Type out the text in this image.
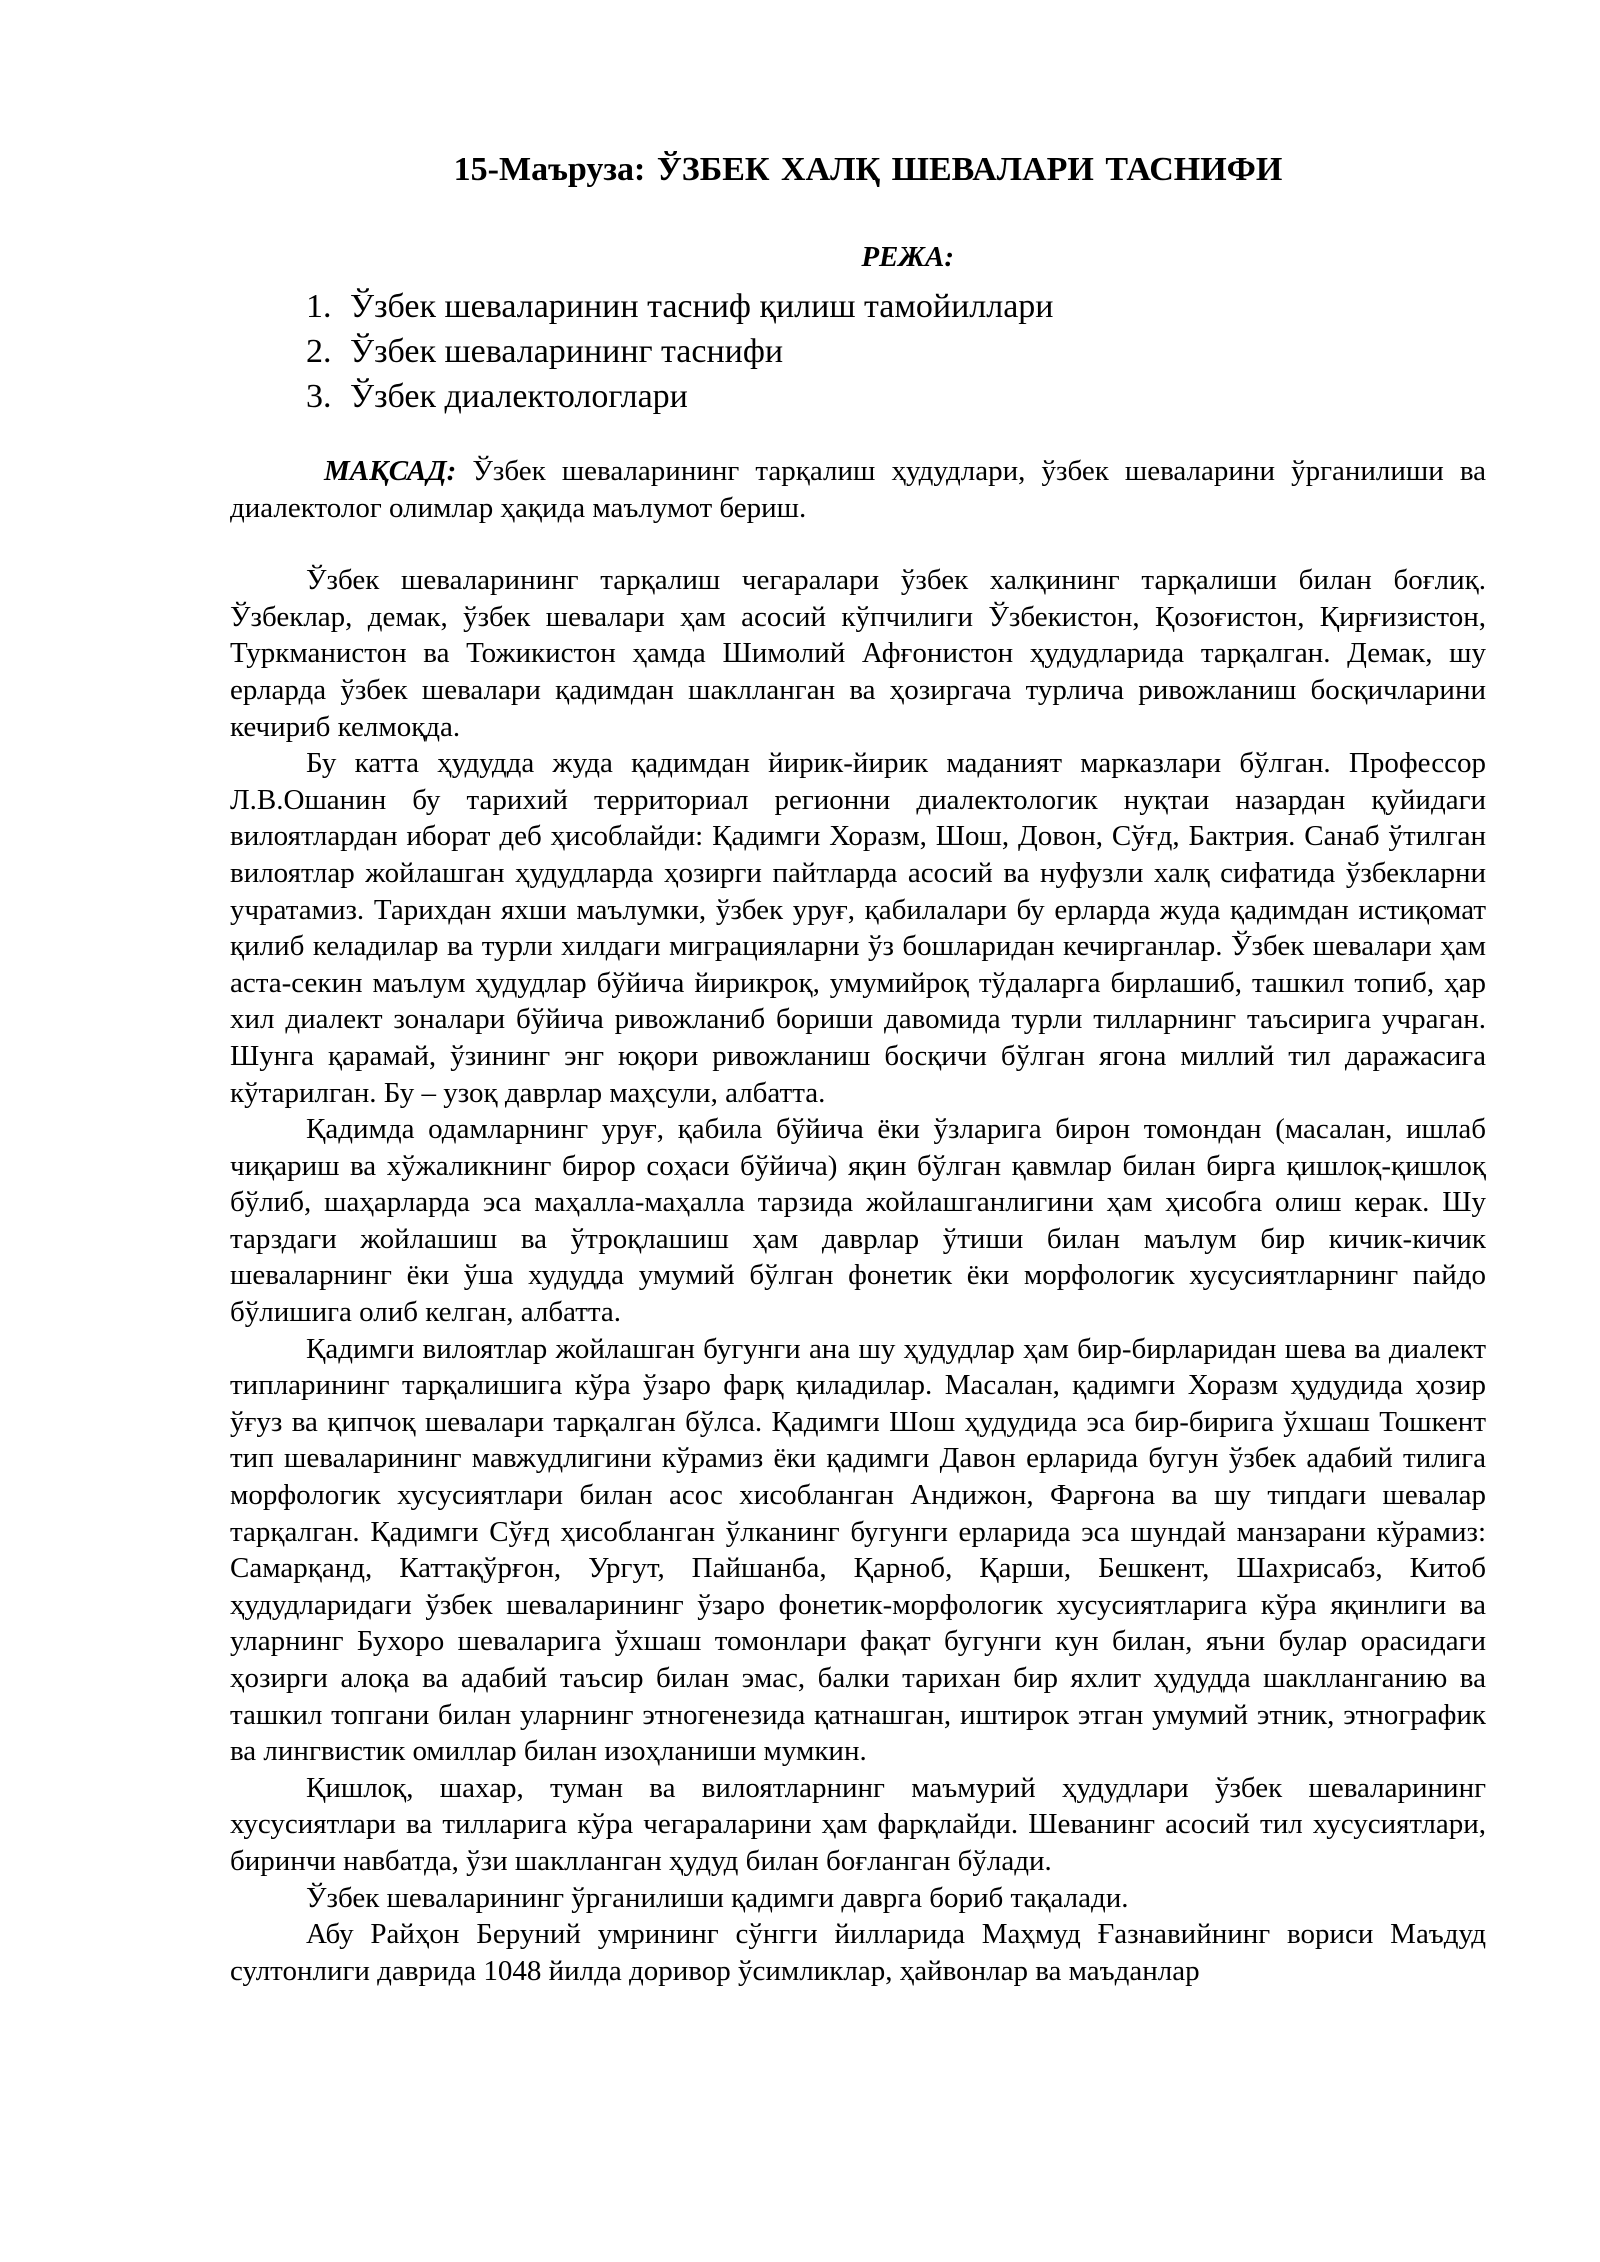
15-Маъруза: ЎЗБЕК ХАЛҚ ШЕВАЛАРИ ТАСНИФИ
РЕЖА:
1. Ўзбек шеваларинин тасниф қилиш тамойиллари
2. Ўзбек шеваларининг таснифи
3. Ўзбек диалектологлари

МАҚСАД: Ўзбек шеваларининг тарқалиш ҳудудлари, ўзбек шеваларини ўрганилиши ва диалектолог олимлар ҳақида маълумот бериш.

Ўзбек шеваларининг тарқалиш чегаралари ўзбек халқининг тарқалиши билан боғлиқ. Ўзбеклар, демак, ўзбек шевалари ҳам асосий кўпчилиги Ўзбекистон, Қозоғистон, Қирғизистон, Туркманистон ва Тожикистон ҳамда Шимолий Афғонистон ҳудудларида тарқалган. Демак, шу ерларда ўзбек шевалари қадимдан шаклланган ва ҳозиргача турлича ривожланиш босқичларини кечириб келмоқда.

Бу катта ҳудудда жуда қадимдан йирик-йирик маданият марказлари бўлган. Профессор Л.В.Ошанин бу тарихий территориал регионни диалектологик нуқтаи назардан қуйидаги вилоятлардан иборат деб ҳисоблайди: Қадимги Хоразм, Шош, Довон, Сўғд, Бактрия. Санаб ўтилган вилоятлар жойлашган ҳудудларда ҳозирги пайтларда асосий ва нуфузли халқ сифатида ўзбекларни учратамиз. Тарихдан яхши маълумки, ўзбек уруғ, қабилалари бу ерларда жуда қадимдан истиқомат қилиб келадилар ва турли хилдаги миграцияларни ўз бошларидан кечирганлар. Ўзбек шевалари ҳам аста-секин маълум ҳудудлар бўйича йирикроқ, умумийроқ тўдаларга бирлашиб, ташкил топиб, ҳар хил диалект зоналари бўйича ривожланиб бориши давомида турли тилларнинг таъсирига учраган. Шунга қарамай, ўзининг энг юқори ривожланиш босқичи бўлган ягона миллий тил даражасига кўтарилган. Бу – узоқ даврлар маҳсули, албатта.

Қадимда одамларнинг уруғ, қабила бўйича ёки ўзларига бирон томондан (масалан, ишлаб чиқариш ва хўжаликнинг бирор соҳаси бўйича) яқин бўлган қавмлар билан бирга қишлоқ-қишлоқ бўлиб, шаҳарларда эса маҳалла-маҳалла тарзида жойлашганлигини ҳам ҳисобга олиш керак. Шу тарздаги жойлашиш ва ўтроқлашиш ҳам даврлар ўтиши билан маълум бир кичик-кичик шеваларнинг ёки ўша худудда умумий бўлган фонетик ёки морфологик хусусиятларнинг пайдо бўлишига олиб келган, албатта.

Қадимги вилоятлар жойлашган бугунги ана шу ҳудудлар ҳам бир-бирларидан шева ва диалект типларининг тарқалишига кўра ўзаро фарқ қиладилар. Масалан, қадимги Хоразм ҳудудида ҳозир ўғуз ва қипчоқ шевалари тарқалган бўлса. Қадимги Шош ҳудудида эса бир-бирига ўхшаш Тошкент тип шеваларининг мавжудлигини кўрамиз ёки қадимги Давон ерларида бугун ўзбек адабий тилига морфологик хусусиятлари билан асос хисобланган Андижон, Фарғона ва шу типдаги шевалар тарқалган. Қадимги Сўғд ҳисобланган ўлканинг бугунги ерларида эса шундай манзарани кўрамиз: Самарқанд, Каттақўрғон, Ургут, Пайшанба, Қарноб, Қарши, Бешкент, Шахрисабз, Китоб ҳудудларидаги ўзбек шеваларининг ўзаро фонетик-морфологик хусусиятларига кўра яқинлиги ва уларнинг Бухоро шеваларига ўхшаш томонлари фақат бугунги кун билан, яъни булар орасидаги ҳозирги алоқа ва адабий таъсир билан эмас, балки тарихан бир яхлит ҳудудда шаклланганию ва ташкил топгани билан уларнинг этногенезида қатнашган, иштирок этган умумий этник, этнографик ва лингвистик омиллар билан изоҳланиши мумкин.

Қишлоқ, шахар, туман ва вилоятларнинг маъмурий ҳудудлари ўзбек шеваларининг хусусиятлари ва тилларига кўра чегараларини ҳам фарқлайди. Шеванинг асосий тил хусусиятлари, биринчи навбатда, ўзи шаклланган ҳудуд билан боғланган бўлади.

Ўзбек шеваларининг ўрганилиши қадимги даврга бориб тақалади.

Абу Райҳон Беруний умрининг сўнгги йилларида Маҳмуд Ғазнавийнинг вориси Маъдуд султонлиги даврида 1048 йилда доривор ўсимликлар, ҳайвонлар ва маъданлар
